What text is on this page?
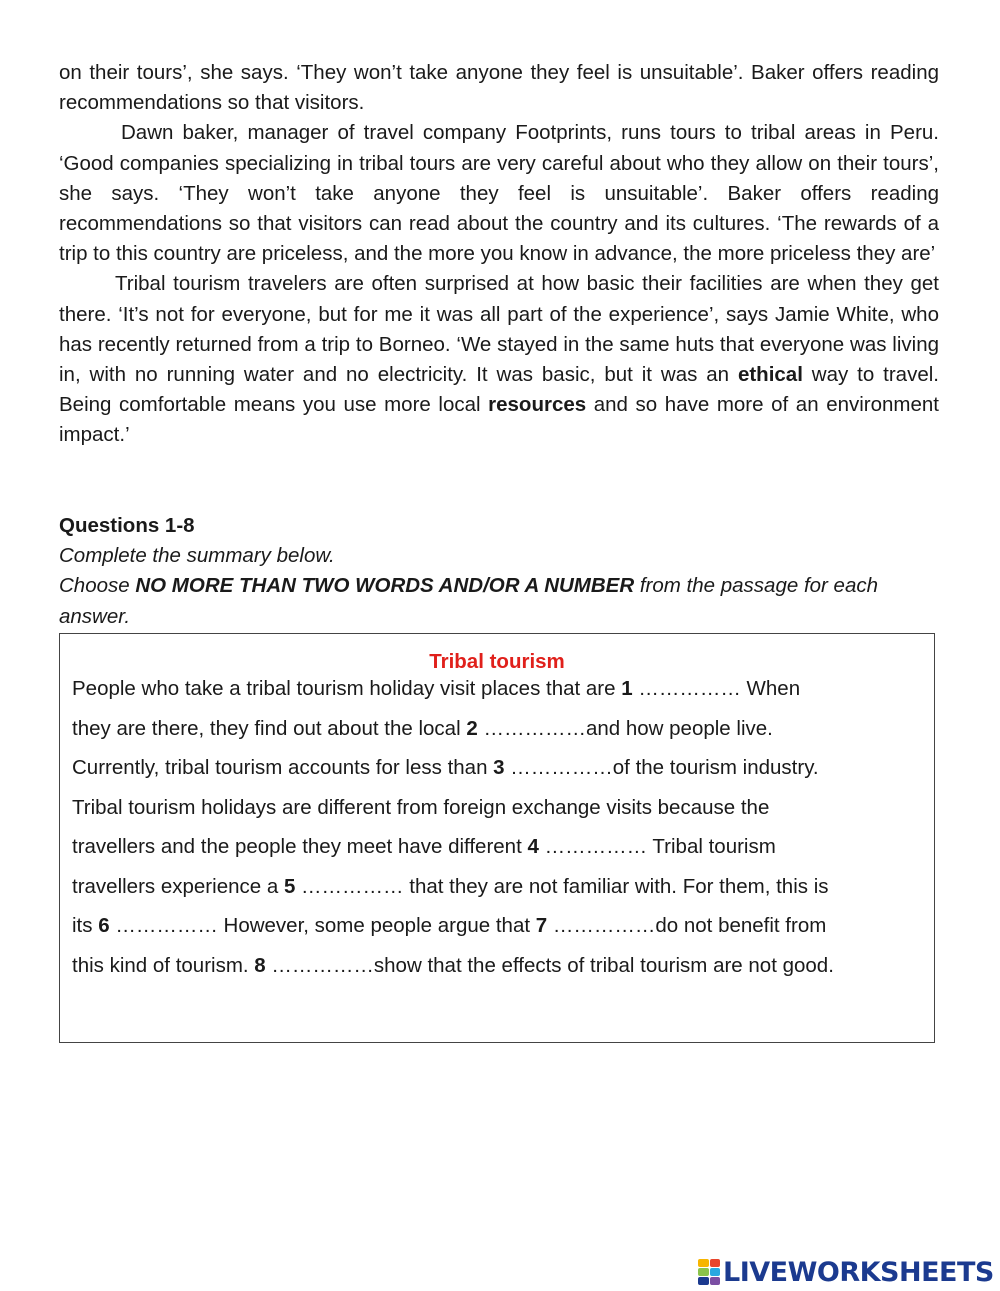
on their tours’, she says. ‘They won’t take anyone they feel is unsuitable’. Baker offers reading recommendations so that visitors.

Dawn baker, manager of travel company Footprints, runs tours to tribal areas in Peru. ‘Good companies specializing in tribal tours are very careful about who they allow on their tours’, she says. ‘They won’t take anyone they feel is unsuitable’. Baker offers reading recommendations so that visitors can read about the country and its cultures. ‘The rewards of a trip to this country are priceless, and the more you know in advance, the more priceless they are’

Tribal tourism travelers are often surprised at how basic their facilities are when they get there. ‘It’s not for everyone, but for me it was all part of the experience’, says Jamie White, who has recently returned from a trip to Borneo. ‘We stayed in the same huts that everyone was living in, with no running water and no electricity. It was basic, but it was an ethical way to travel. Being comfortable means you use more local resources and so have more of an environment impact.’

Questions 1-8
Complete the summary below.
Choose NO MORE THAN TWO WORDS AND/OR A NUMBER from the passage for each answer.
Tribal tourism
People who take a tribal tourism holiday visit places that are 1 …………… When
they are there, they find out about the local 2 ……………and how people live.
Currently, tribal tourism accounts for less than 3 ……………of the tourism industry.
Tribal tourism holidays are different from foreign exchange visits because the
travellers and the people they meet have different 4 …………… Tribal tourism
travellers experience a 5 …………… that they are not familiar with. For them, this is
its 6 …………… However, some people argue that 7 ……………do not benefit from
this kind of tourism. 8 ……………show that the effects of tribal tourism are not good.
LIVEWORKSHEETS
